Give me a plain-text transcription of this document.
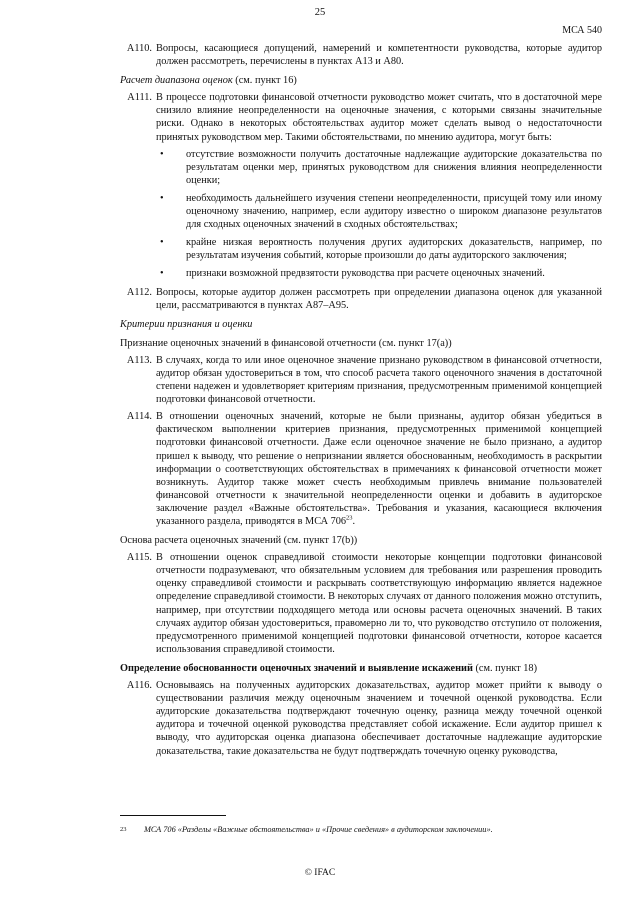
25
МСА 540
A110. Вопросы, касающиеся допущений, намерений и компетентности руководства, которые аудитор должен рассмотреть, перечислены в пунктах А13 и А80.

Расчет диапазона оценок (см. пункт 16)
A111. В процессе подготовки финансовой отчетности руководство может считать, что в достаточной мере снизило влияние неопределенности на оценочные значения, с которыми связаны значительные риски. Однако в некоторых обстоятельствах аудитор может сделать вывод о недостаточности принятых руководством мер. Такими обстоятельствами, по мнению аудитора, могут быть:

• отсутствие возможности получить достаточные надлежащие аудиторские доказательства по результатам оценки мер, принятых руководством для снижения влияния неопределенности оценки;

• необходимость дальнейшего изучения степени неопределенности, присущей тому или иному оценочному значению, например, если аудитору известно о широком диапазоне результатов для сходных оценочных значений в сходных обстоятельствах;

• крайне низкая вероятность получения других аудиторских доказательств, например, по результатам изучения событий, которые произошли до даты аудиторского заключения;

• признаки возможной предвзятости руководства при расчете оценочных значений.

A112. Вопросы, которые аудитор должен рассмотреть при определении диапазона оценок для указанной цели, рассматриваются в пунктах А87–А95.

Критерии признания и оценки
Признание оценочных значений в финансовой отчетности (см. пункт 17(a))
A113. В случаях, когда то или иное оценочное значение признано руководством в финансовой отчетности, аудитор обязан удостовериться в том, что способ расчета такого оценочного значения в достаточной степени надежен и удовлетворяет критериям признания, предусмотренным применимой концепцией подготовки финансовой отчетности.

A114. В отношении оценочных значений, которые не были признаны, аудитор обязан убедиться в фактическом выполнении критериев признания, предусмотренных применимой концепцией подготовки финансовой отчетности. Даже если оценочное значение не было признано, а аудитор пришел к выводу, что решение о непризнании является обоснованным, необходимость в раскрытии информации о соответствующих обстоятельствах в примечаниях к финансовой отчетности может возникнуть. Аудитор также может счесть необходимым привлечь внимание пользователей финансовой отчетности к значительной неопределенности оценки и добавить в аудиторское заключение раздел «Важные обстоятельства». Требования и указания, касающиеся включения указанного раздела, приводятся в МСА $706^{23}$.

Основа расчета оценочных значений (см. пункт 17(b))
A115. В отношении оценок справедливой стоимости некоторые концепции подготовки финансовой отчетности подразумевают, что обязательным условием для требования или разрешения проводить оценку справедливой стоимости и раскрывать соответствующую информацию является надежное определение справедливой стоимости. В некоторых случаях от данного положения можно отступить, например, при отсутствии подходящего метода или основы расчета оценочных значений. В таких случаях аудитор обязан удостовериться, правомерно ли то, что руководство отступило от положения, предусмотренного применимой концепцией подготовки финансовой отчетности, которое касается использования справедливой стоимости.

Определение обоснованности оценочных значений и выявление искажений (см. пункт 18)
A116. Основываясь на полученных аудиторских доказательствах, аудитор может прийти к выводу о существовании различия между оценочным значением и точечной оценкой руководства. Если аудиторские доказательства подтверждают точечную оценку, разница между точечной оценкой аудитора и точечной оценкой руководства представляет собой искажение. Если аудитор пришел к выводу, что аудиторская оценка диапазона обеспечивает достаточные надлежащие аудиторские доказательства, такие доказательства не будут подтверждать точечную оценку руководства,

23 МСА 706 «Разделы «Важные обстоятельства» и «Прочие сведения» в аудиторском заключении».
© IFAC
